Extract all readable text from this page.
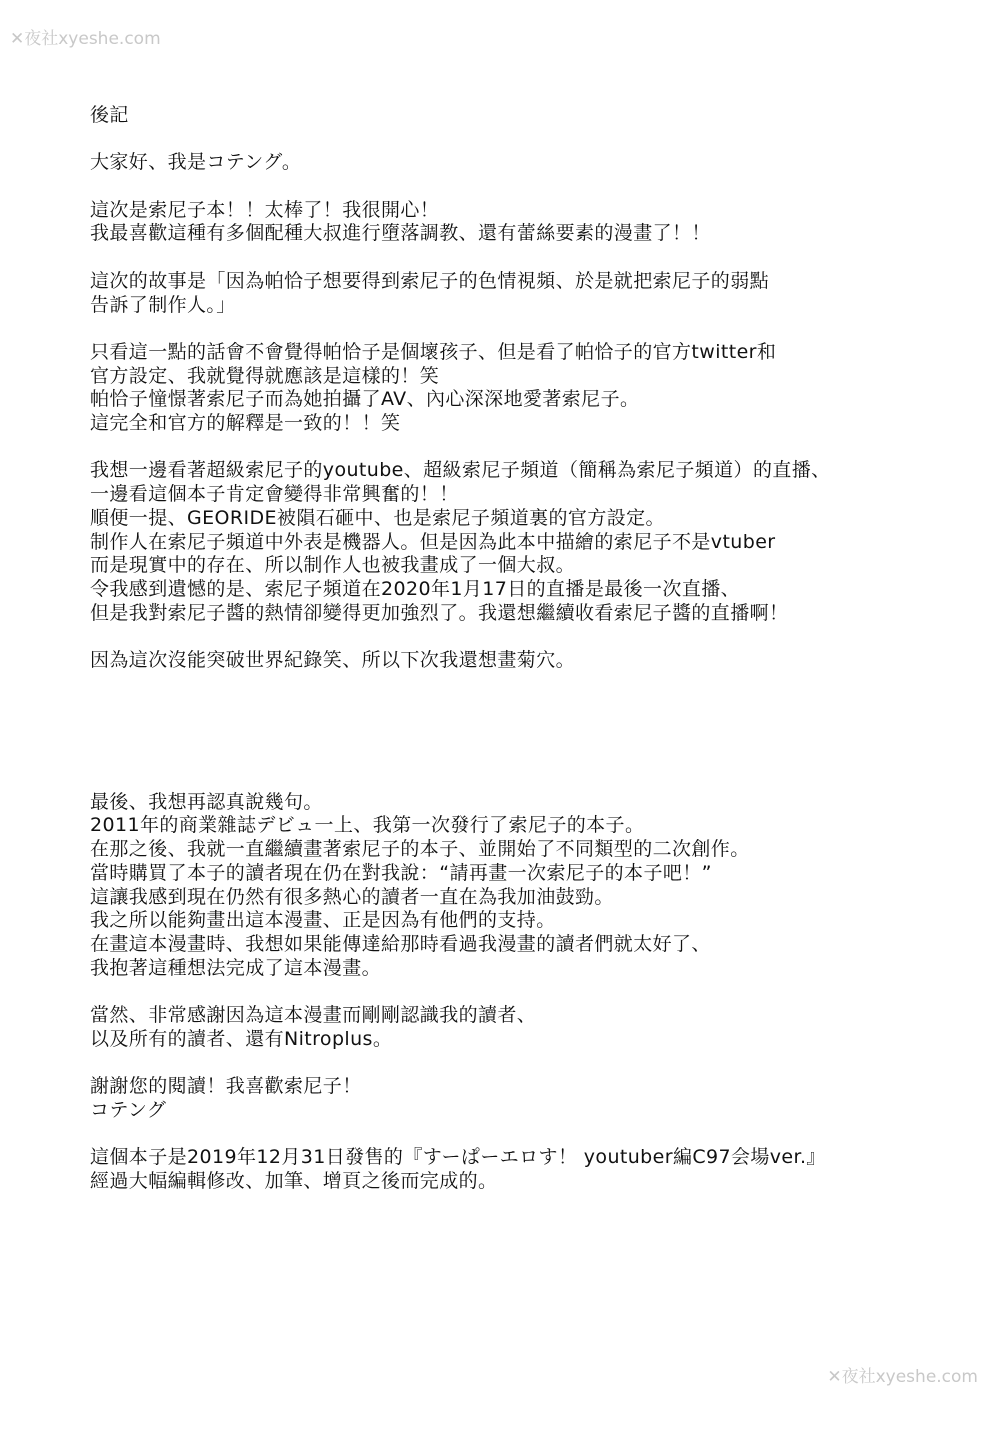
✕夜社xyeshe.com
✕夜社xyeshe.com
後記
大家好、我是コテング。
這次是索尼子本！！太棒了！我很開心！
我最喜歡這種有多個配種大叔進行墮落調教、還有蕾絲要素的漫畫了！！
這次的故事是「因為帕恰子想要得到索尼子的色情視頻、於是就把索尼子的弱點
告訴了制作人。」
只看這一點的話會不會覺得帕恰子是個壞孩子、但是看了帕恰子的官方twitter和
官方設定、我就覺得就應該是這樣的！笑
帕恰子憧憬著索尼子而為她拍攝了AV、內心深深地愛著索尼子。
這完全和官方的解釋是一致的！！笑
我想一邊看著超級索尼子的youtube、超級索尼子頻道（簡稱為索尼子頻道）的直播、
一邊看這個本子肯定會變得非常興奮的！！
順便一提、GEORIDE被隕石砸中、也是索尼子頻道裏的官方設定。
制作人在索尼子頻道中外表是機器人。但是因為此本中描繪的索尼子不是vtuber
而是現實中的存在、所以制作人也被我畫成了一個大叔。
令我感到遺憾的是、索尼子頻道在2020年1月17日的直播是最後一次直播、
但是我對索尼子醬的熱情卻變得更加強烈了。我還想繼續收看索尼子醬的直播啊！
因為這次沒能突破世界紀錄笑、所以下次我還想畫菊穴。
最後、我想再認真說幾句。
2011年的商業雜誌デビュ一上、我第一次發行了索尼子的本子。
在那之後、我就一直繼續畫著索尼子的本子、並開始了不同類型的二次創作。
當時購買了本子的讀者現在仍在對我說：“請再畫一次索尼子的本子吧！”
這讓我感到現在仍然有很多熱心的讀者一直在為我加油鼓勁。
我之所以能夠畫出這本漫畫、正是因為有他們的支持。
在畫這本漫畫時、我想如果能傳達給那時看過我漫畫的讀者們就太好了、
我抱著這種想法完成了這本漫畫。
當然、非常感謝因為這本漫畫而剛剛認識我的讀者、
以及所有的讀者、還有Nitroplus。
謝謝您的閱讀！我喜歡索尼子！
コテング
這個本子是2019年12月31日發售的『すーぱーエロす！ youtuber編C97会場ver.』
經過大幅編輯修改、加筆、增頁之後而完成的。
